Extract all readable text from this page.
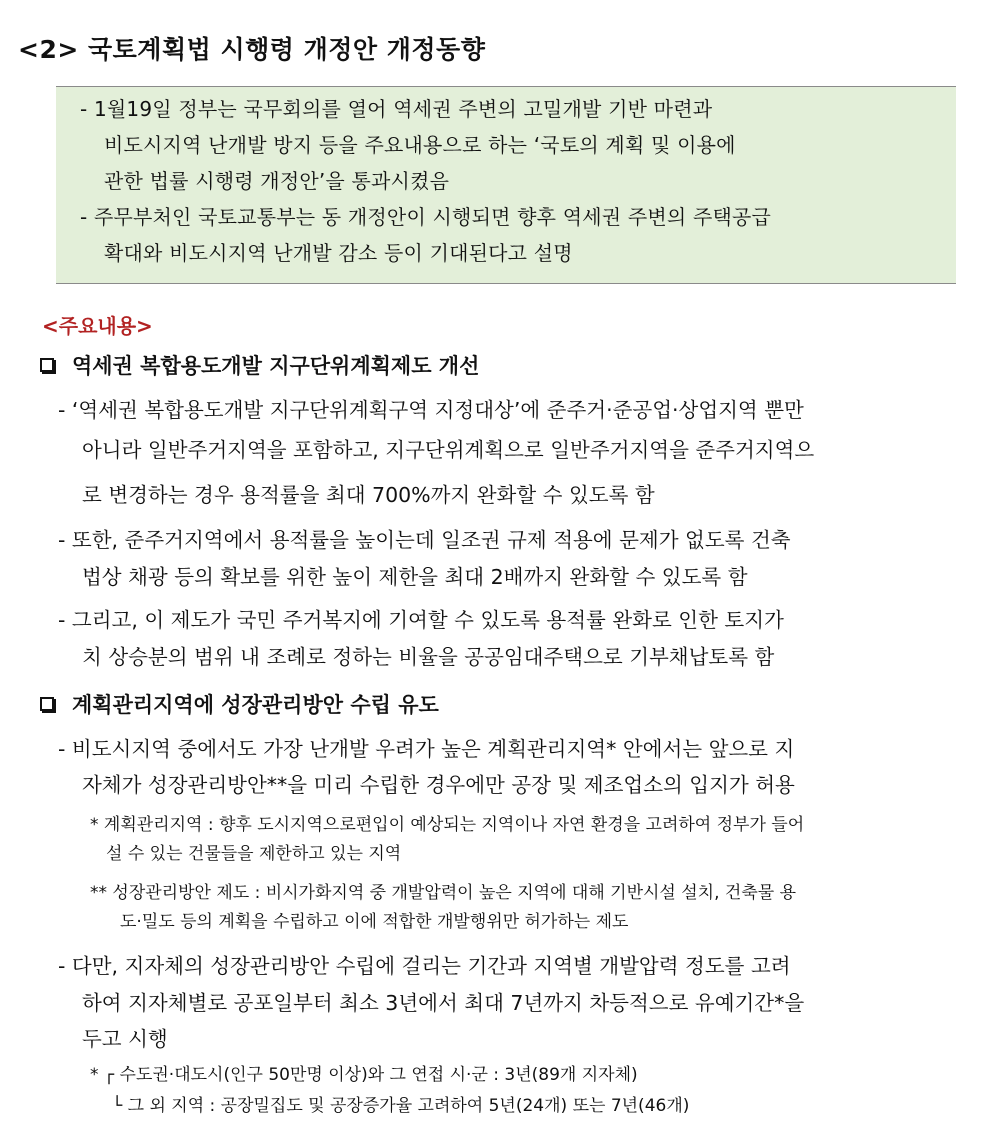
<2> 국토계획법 시행령 개정안 개정동향
- 1월19일 정부는 국무회의를 열어 역세권 주변의 고밀개발 기반 마련과
비도시지역 난개발 방지 등을 주요내용으로 하는 ‘국토의 계획 및 이용에
관한 법률 시행령 개정안’을 통과시켰음
- 주무부처인 국토교통부는 동 개정안이 시행되면 향후 역세권 주변의 주택공급
확대와 비도시지역 난개발 감소 등이 기대된다고 설명
<주요내용>
역세권 복합용도개발 지구단위계획제도 개선
- ‘역세권 복합용도개발 지구단위계획구역 지정대상’에 준주거·준공업·상업지역 뿐만
아니라 일반주거지역을 포함하고, 지구단위계획으로 일반주거지역을 준주거지역으
로 변경하는 경우 용적률을 최대 700%까지 완화할 수 있도록 함
- 또한, 준주거지역에서 용적률을 높이는데 일조권 규제 적용에 문제가 없도록 건축
법상 채광 등의 확보를 위한 높이 제한을 최대 2배까지 완화할 수 있도록 함
- 그리고, 이 제도가 국민 주거복지에 기여할 수 있도록 용적률 완화로 인한 토지가
치 상승분의 범위 내 조례로 정하는 비율을 공공임대주택으로 기부채납토록 함
계획관리지역에 성장관리방안 수립 유도
- 비도시지역 중에서도 가장 난개발 우려가 높은 계획관리지역* 안에서는 앞으로 지
자체가 성장관리방안**을 미리 수립한 경우에만 공장 및 제조업소의 입지가 허용
* 계획관리지역 : 향후 도시지역으로편입이 예상되는 지역이나 자연 환경을 고려하여 정부가 들어
설 수 있는 건물들을 제한하고 있는 지역
** 성장관리방안 제도 : 비시가화지역 중 개발압력이 높은 지역에 대해 기반시설 설치, 건축물 용
도·밀도 등의 계획을 수립하고 이에 적합한 개발행위만 허가하는 제도
- 다만, 지자체의 성장관리방안 수립에 걸리는 기간과 지역별 개발압력 정도를 고려
하여 지자체별로 공포일부터 최소 3년에서 최대 7년까지 차등적으로 유예기간*을
두고 시행
* ┌ 수도권·대도시(인구 50만명 이상)와 그 연접 시·군 : 3년(89개 지자체)
└ 그 외 지역 : 공장밀집도 및 공장증가율 고려하여 5년(24개) 또는 7년(46개)
